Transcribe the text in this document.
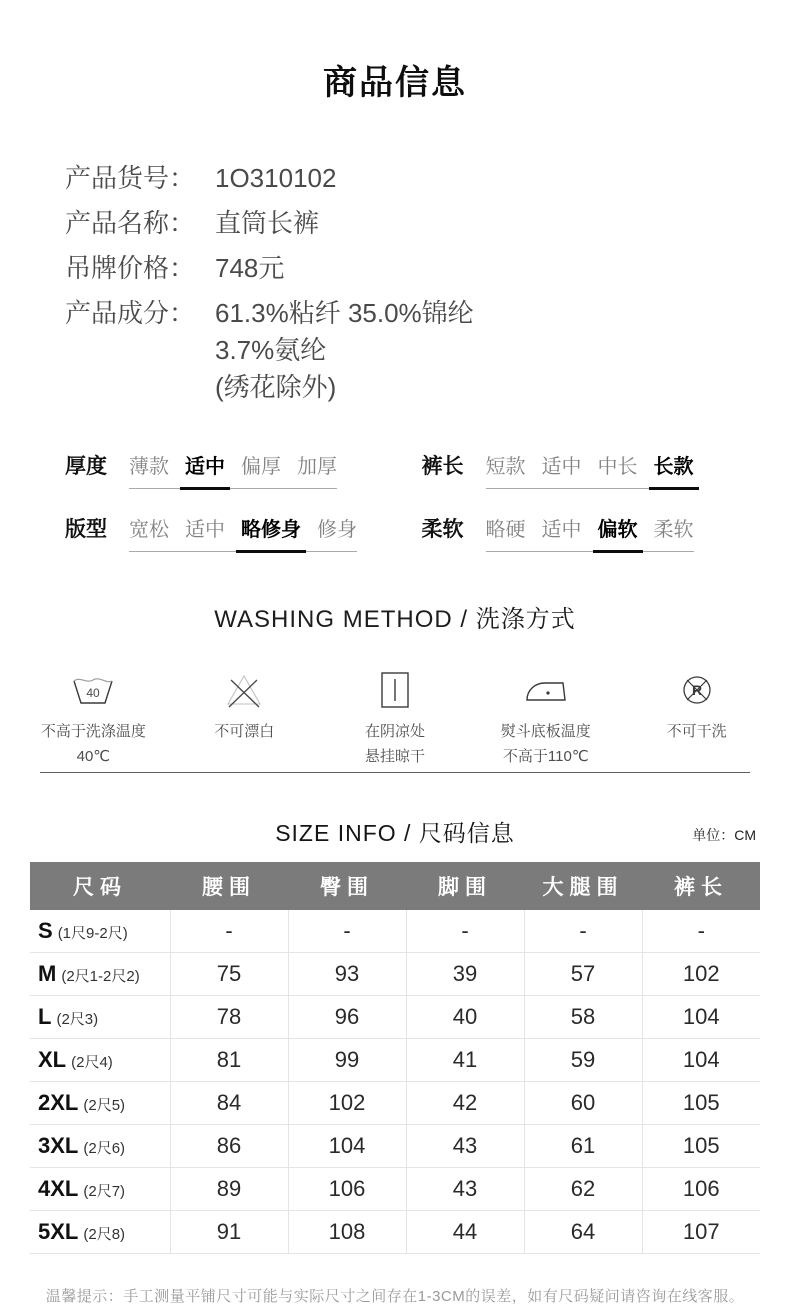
商品信息
产品货号： 1O310102
产品名称： 直筒长裤
吊牌价格： 748元
产品成分： 61.3%粘纤 35.0%锦纶
3.7%氨纶
(绣花除外)
厚度 薄款 适中 偏厚 加厚	裤长 短款 适中 中长 长款
版型 宽松 适中 略修身 修身	柔软 略硬 适中 偏软 柔软
WASHING METHOD / 洗涤方式
40
不高于洗涤温度
40℃
不可漂白	在阴凉处
悬挂晾干
熨斗底板温度
不高于110℃
R
不可干洗
SIZE INFO / 尺码信息	单位：CM
尺码	腰围	臀围	脚围	大腿围	裤长
S (1尺9-2尺)	-	-	-	-	-
M (2尺1-2尺2)	75	93	39	57	102
L (2尺3)	78	96	40	58	104
XL (2尺4)	81	99	41	59	104
2XL (2尺5)	84	102	42	60	105
3XL (2尺6)	86	104	43	61	105
4XL (2尺7)	89	106	43	62	106
5XL (2尺8)	91	108	44	64	107
温馨提示：手工测量平铺尺寸可能与实际尺寸之间存在1-3CM的误差，如有尺码疑问请咨询在线客服。
